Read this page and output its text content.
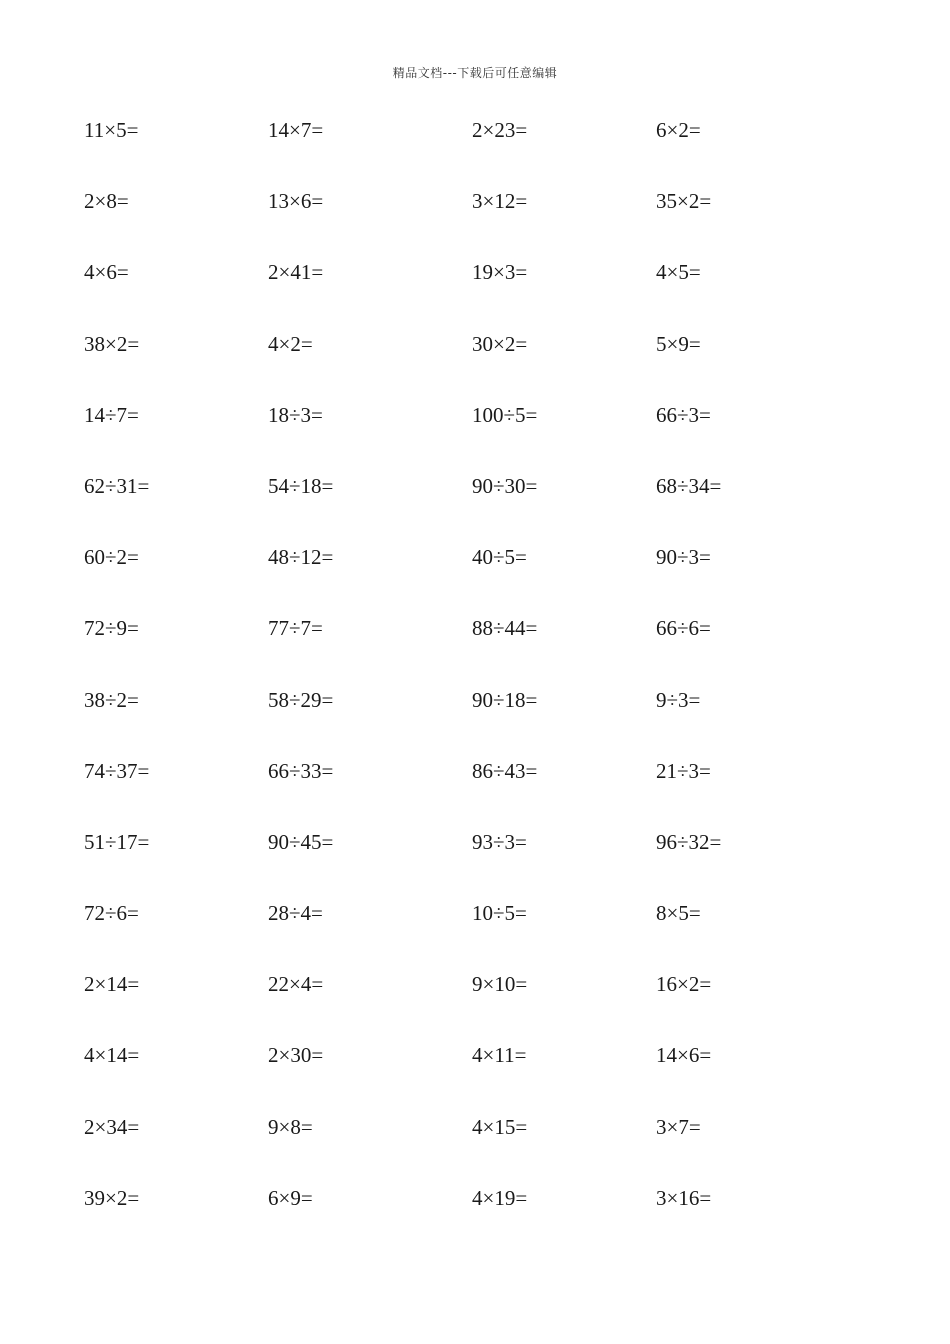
精品文档---下载后可任意编辑
11×5=	14×7=	2×23=	6×2=
2×8=	13×6=	3×12=	35×2=
4×6=	2×41=	19×3=	4×5=
38×2=	4×2=	30×2=	5×9=
14÷7=	18÷3=	100÷5=	66÷3=
62÷31=	54÷18=	90÷30=	68÷34=
60÷2=	48÷12=	40÷5=	90÷3=
72÷9=	77÷7=	88÷44=	66÷6=
38÷2=	58÷29=	90÷18=	9÷3=
74÷37=	66÷33=	86÷43=	21÷3=
51÷17=	90÷45=	93÷3=	96÷32=
72÷6=	28÷4=	10÷5=	8×5=
2×14=	22×4=	9×10=	16×2=
4×14=	2×30=	4×11=	14×6=
2×34=	9×8=	4×15=	3×7=
39×2=	6×9=	4×19=	3×16=
